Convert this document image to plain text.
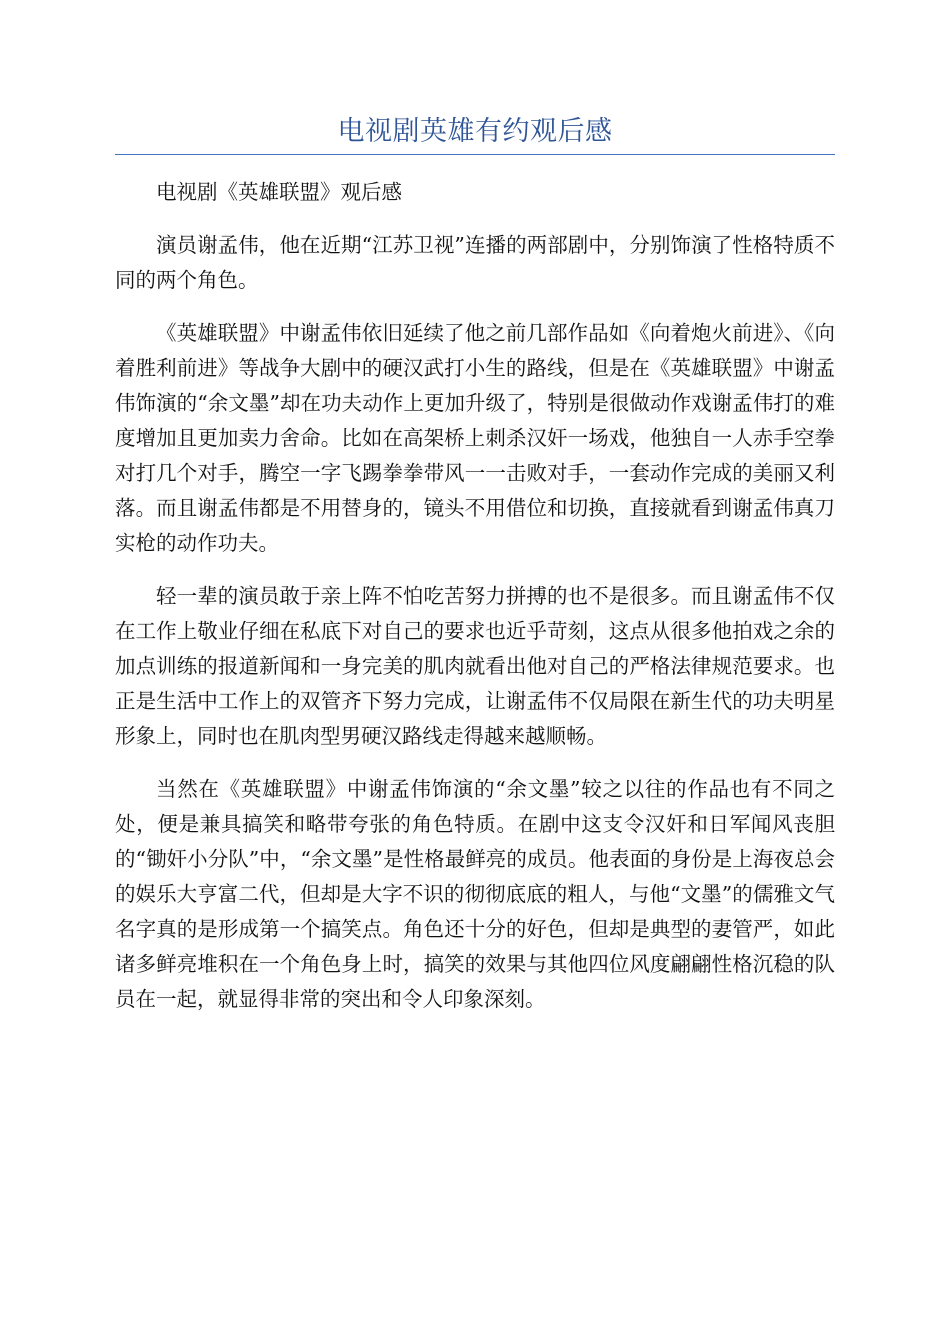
电视剧英雄有约观后感

电视剧《英雄联盟》观后感

演员谢孟伟，他在近期“江苏卫视”连播的两部剧中，分别饰演了性格特质不同的两个角色。

《英雄联盟》中谢孟伟依旧延续了他之前几部作品如《向着炮火前进》、《向着胜利前进》等战争大剧中的硬汉武打小生的路线，但是在《英雄联盟》中谢孟伟饰演的“余文墨”却在功夫动作上更加升级了，特别是很做动作戏谢孟伟打的难度增加且更加卖力舍命。比如在高架桥上刺杀汉奸一场戏，他独自一人赤手空拳对打几个对手，腾空一字飞踢拳拳带风一一击败对手，一套动作完成的美丽又利落。而且谢孟伟都是不用替身的，镜头不用借位和切换，直接就看到谢孟伟真刀实枪的动作功夫。

轻一辈的演员敢于亲上阵不怕吃苦努力拼搏的也不是很多。而且谢孟伟不仅在工作上敬业仔细在私底下对自己的要求也近乎苛刻，这点从很多他拍戏之余的加点训练的报道新闻和一身完美的肌肉就看出他对自己的严格法律规范要求。也正是生活中工作上的双管齐下努力完成，让谢孟伟不仅局限在新生代的功夫明星形象上，同时也在肌肉型男硬汉路线走得越来越顺畅。

当然在《英雄联盟》中谢孟伟饰演的“余文墨”较之以往的作品也有不同之处，便是兼具搞笑和略带夸张的角色特质。在剧中这支令汉奸和日军闻风丧胆的“锄奸小分队”中，“余文墨”是性格最鲜亮的成员。他表面的身份是上海夜总会的娱乐大亨富二代，但却是大字不识的彻彻底底的粗人，与他“文墨”的儒雅文气名字真的是形成第一个搞笑点。角色还十分的好色，但却是典型的妻管严，如此诸多鲜亮堆积在一个角色身上时，搞笑的效果与其他四位风度翩翩性格沉稳的队员在一起，就显得非常的突出和令人印象深刻。
